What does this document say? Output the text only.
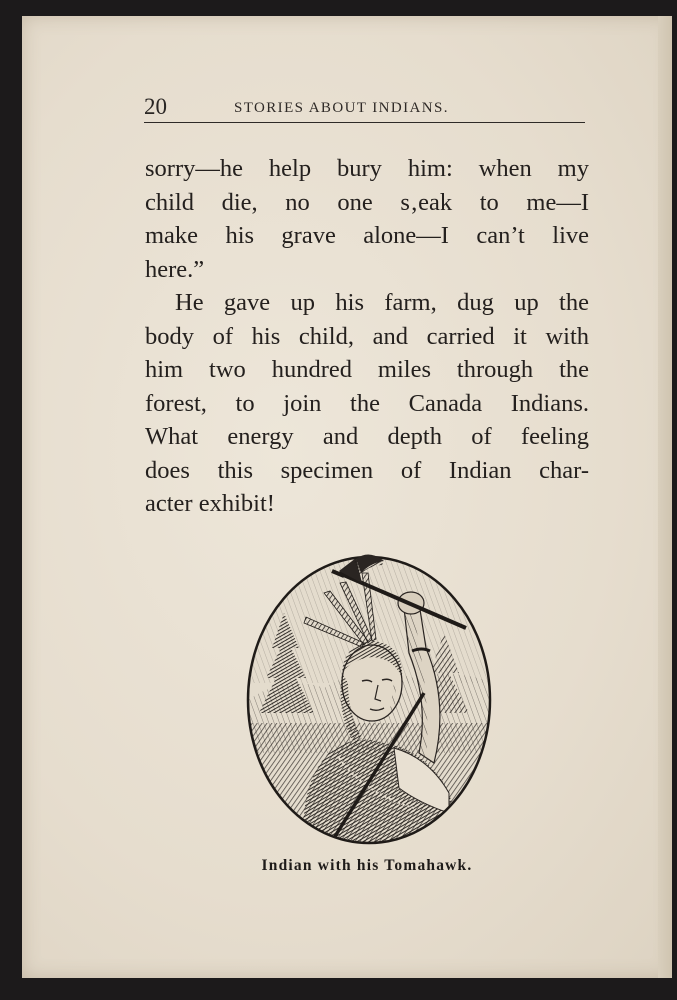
20	STORIES ABOUT INDIANS.
sorry—he help bury him: when my
child die, no one s‚eak to me—I
make his grave alone—I can’t live
here.”
He gave up his farm, dug up the
body of his child, and carried it with
him two hundred miles through the
forest, to join the Canada Indians.
What energy and depth of feeling
does this specimen of Indian char-
acter exhibit!
Indian with his Tomahawk.
